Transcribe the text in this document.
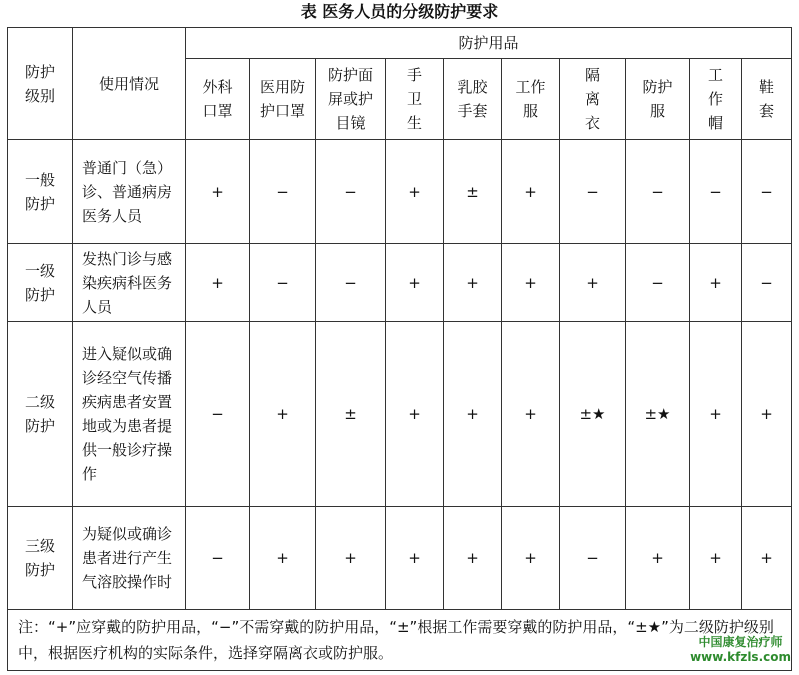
表 医务人员的分级防护要求
防护级别	使用情况	防护用品									
		外科口罩	医用防护口罩	防护面屏或护目镜	手卫生	乳胶手套	工作服	隔离衣	防护服	工作帽	鞋套
一般防护	普通门（急）诊、普通病房医务人员	+	−	−	+	±	+	−	−	−	−
一级防护	发热门诊与感染疾病科医务人员	+	−	−	+	+	+	+	−	+	−
二级防护	进入疑似或确诊经空气传播疾病患者安置地或为患者提供一般诊疗操作	−	+	±	+	+	+	±★	±★	+	+
三级防护	为疑似或确诊患者进行产生气溶胶操作时	−	+	+	+	+	+	−	+	+	+
注：“+”应穿戴的防护用品，“−”不需穿戴的防护用品，“±”根据工作需要穿戴的防护用品，“±★”为二级防护级别中，根据医疗机构的实际条件，选择穿隔离衣或防护服。											
中国康复治疗师
www.kfzls.com
